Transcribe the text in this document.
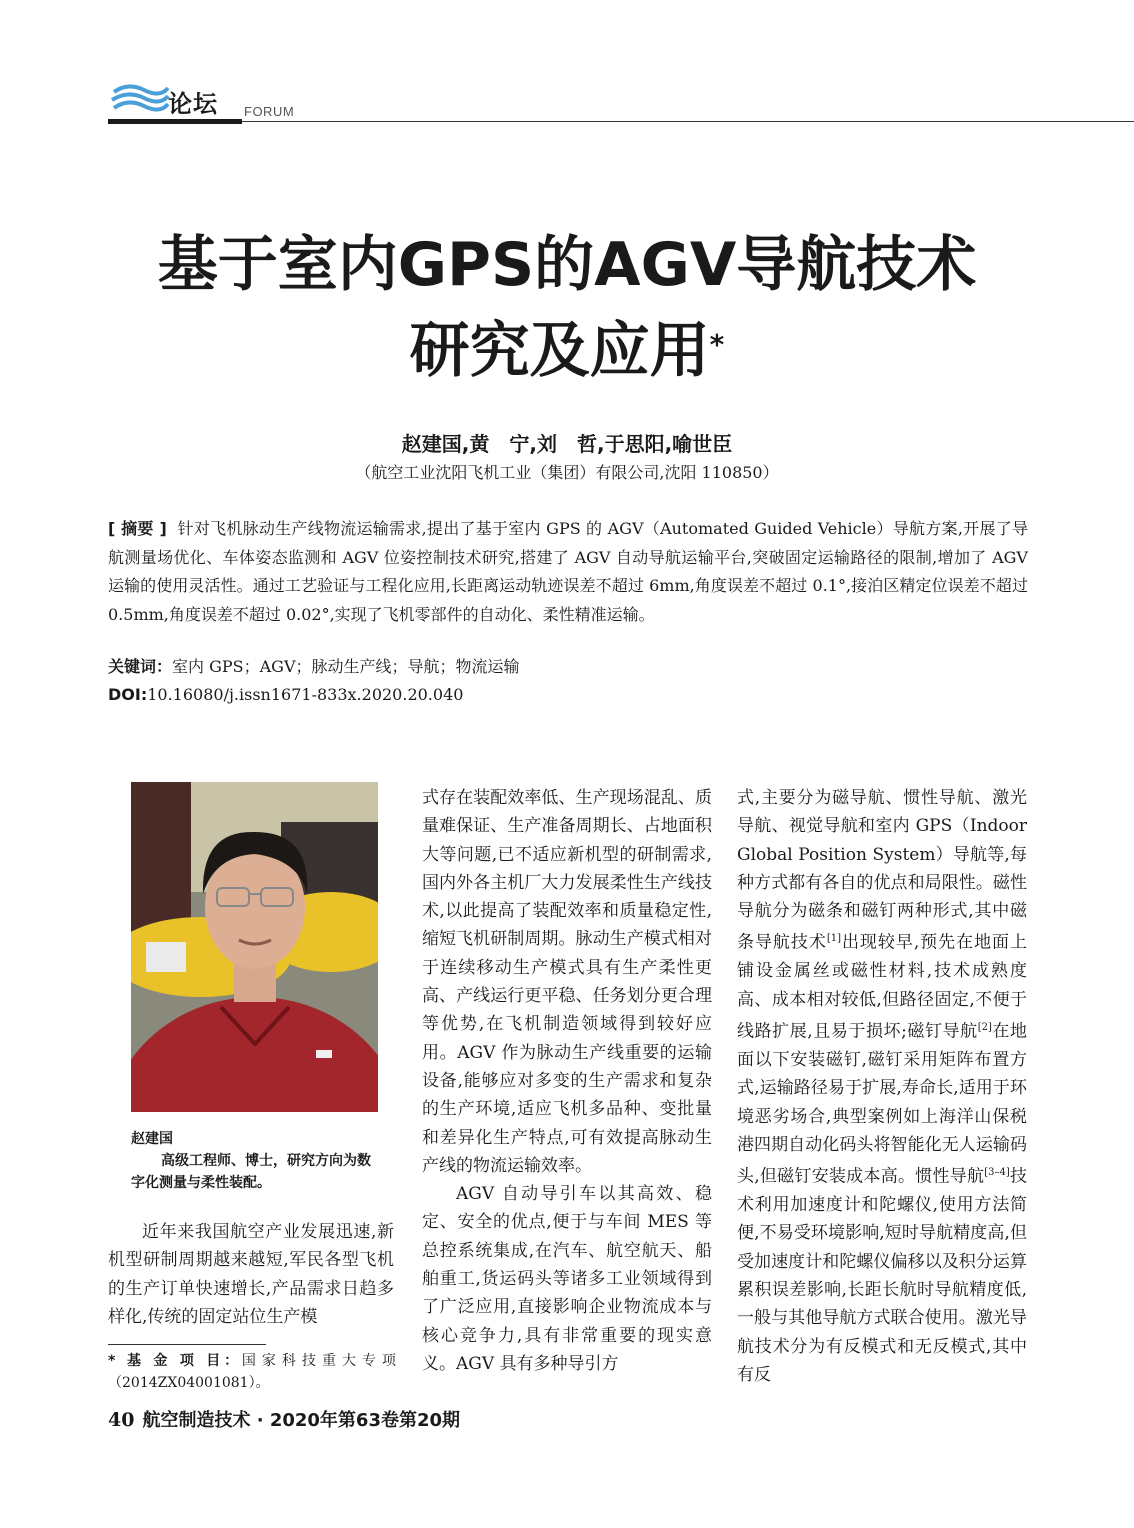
论坛 FORUM
基于室内GPS的AGV导航技术
研究及应用*
赵建国,黄　宁,刘　哲,于思阳,喻世臣
（航空工业沈阳飞机工业（集团）有限公司,沈阳 110850）
[ 摘要 ] 针对飞机脉动生产线物流运输需求,提出了基于室内 GPS 的 AGV（Automated Guided Vehicle）导航方案,开展了导航测量场优化、车体姿态监测和 AGV 位姿控制技术研究,搭建了 AGV 自动导航运输平台,突破固定运输路径的限制,增加了 AGV 运输的使用灵活性。通过工艺验证与工程化应用,长距离运动轨迹误差不超过 6mm,角度误差不超过 0.1°,接泊区精定位误差不超过 0.5mm,角度误差不超过 0.02°,实现了飞机零部件的自动化、柔性精准运输。
关键词：室内 GPS；AGV；脉动生产线；导航；物流运输
DOI:10.16080/j.issn1671-833x.2020.20.040
赵建国
高级工程师、博士，研究方向为数字化测量与柔性装配。

近年来我国航空产业发展迅速,新机型研制周期越来越短,军民各型飞机的生产订单快速增长,产品需求日趋多样化,传统的固定站位生产模

式存在装配效率低、生产现场混乱、质量难保证、生产准备周期长、占地面积大等问题,已不适应新机型的研制需求,国内外各主机厂大力发展柔性生产线技术,以此提高了装配效率和质量稳定性,缩短飞机研制周期。脉动生产模式相对于连续移动生产模式具有生产柔性更高、产线运行更平稳、任务划分更合理等优势,在飞机制造领域得到较好应用。AGV 作为脉动生产线重要的运输设备,能够应对多变的生产需求和复杂的生产环境,适应飞机多品种、变批量和差异化生产特点,可有效提高脉动生产线的物流运输效率。

AGV 自动导引车以其高效、稳定、安全的优点,便于与车间 MES 等总控系统集成,在汽车、航空航天、船舶重工,货运码头等诸多工业领域得到了广泛应用,直接影响企业物流成本与核心竞争力,具有非常重要的现实意义。AGV 具有多种导引方

式,主要分为磁导航、惯性导航、激光导航、视觉导航和室内 GPS（Indoor Global Position System）导航等,每种方式都有各自的优点和局限性。磁性导航分为磁条和磁钉两种形式,其中磁条导航技术[1]出现较早,预先在地面上铺设金属丝或磁性材料,技术成熟度高、成本相对较低,但路径固定,不便于线路扩展,且易于损坏;磁钉导航[2]在地面以下安装磁钉,磁钉采用矩阵布置方式,运输路径易于扩展,寿命长,适用于环境恶劣场合,典型案例如上海洋山保税港四期自动化码头将智能化无人运输码头,但磁钉安装成本高。惯性导航[3–4]技术利用加速度计和陀螺仪,使用方法简便,不易受环境影响,短时导航精度高,但受加速度计和陀螺仪偏移以及积分运算累积误差影响,长距长航时导航精度低,一般与其他导航方式联合使用。激光导航技术分为有反模式和无反模式,其中有反

* 基 金 项 目：国 家 科 技 重 大 专 项（2014ZX04001081）。
40 航空制造技术 · 2020年第63卷第20期
